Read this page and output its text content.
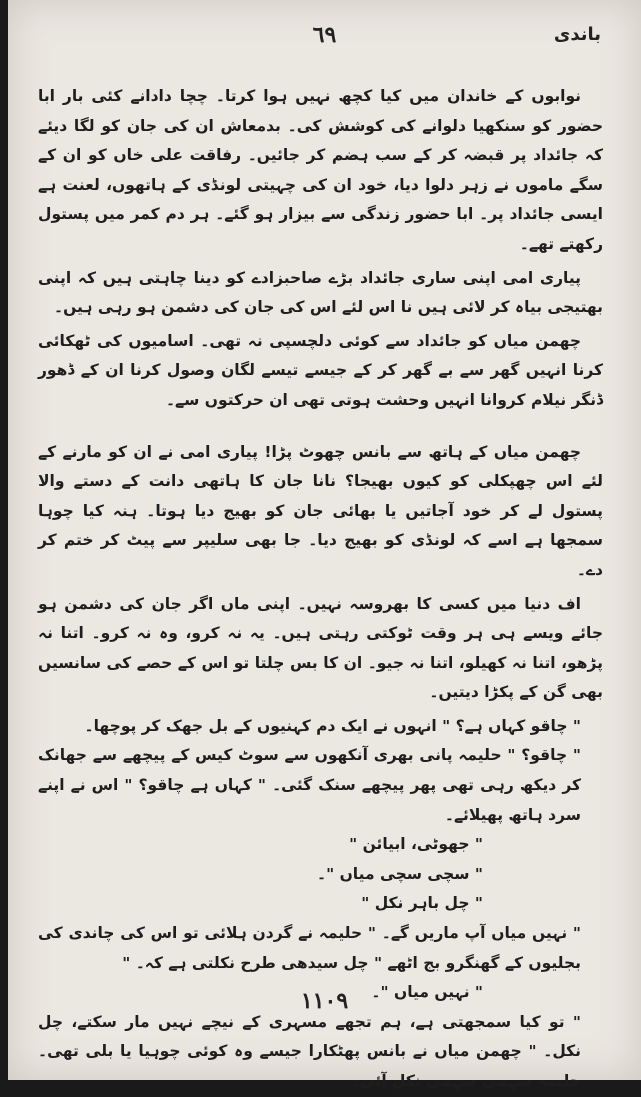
٦٩	باندی

نوابوں کے خاندان میں کیا کچھ نہیں ہوا کرتا۔ چچا دادانے کئی بار ابا حضور کو سنکھیا دلوانے کی کوشش کی۔ بدمعاش ان کی جان کو لگا دیئے کہ جائداد پر قبضہ کر کے سب ہضم کر جائیں۔ رفاقت علی خاں کو ان کے سگے ماموں نے زہر دلوا دیا، خود ان کی چہیتی لونڈی کے ہاتھوں، لعنت ہے ایسی جائداد پر۔ ابا حضور زندگی سے بیزار ہو گئے۔ ہر دم کمر میں پستول رکھتے تھے۔

پیاری امی اپنی ساری جائداد بڑے صاحبزادے کو دینا چاہتی ہیں کہ اپنی بھتیجی بیاہ کر لائی ہیں نا اس لئے اس کی جان کی دشمن ہو رہی ہیں۔

چھمن میاں کو جائداد سے کوئی دلچسپی نہ تھی۔ اسامیوں کی ٹھکائی کرنا انہیں گھر سے بے گھر کر کے جیسے تیسے لگان وصول کرنا ان کے ڈھور ڈنگر نیلام کروانا انہیں وحشت ہوتی تھی ان حرکتوں سے۔

چھمن میاں کے ہاتھ سے بانس چھوٹ پڑا! پیاری امی نے ان کو مارنے کے لئے اس چھپکلی کو کیوں بھیجا؟ نانا جان کا ہاتھی دانت کے دستے والا پستول لے کر خود آجاتیں یا بھائی جان کو بھیج دیا ہوتا۔ ہنہ کیا چوہا سمجھا ہے اسے کہ لونڈی کو بھیج دیا۔ جا بھی سلیپر سے پیٹ کر ختم کر دے۔

اف دنیا میں کسی کا بھروسہ نہیں۔ اپنی ماں اگر جان کی دشمن ہو جائے ویسے ہی ہر وقت ٹوکتی رہتی ہیں۔ یہ نہ کرو، وہ نہ کرو۔ اتنا نہ پڑھو، اتنا نہ کھیلو، اتنا نہ جیو۔ ان کا بس چلتا تو اس کے حصے کی سانسیں بھی گن کے پکڑا دیتیں۔

" چاقو کہاں ہے؟ " انہوں نے ایک دم کہنیوں کے بل جھک کر پوچھا۔

" چاقو؟ " حلیمہ پانی بھری آنکھوں سے سوٹ کیس کے پیچھے سے جھانک کر دیکھ رہی تھی پھر پیچھے سنک گئی۔ " کہاں ہے چاقو؟ " اس نے اپنے سرد ہاتھ پھیلائے۔

" جھوٹی، ابیائن "

" سچی سچی میاں "۔

" چل باہر نکل "

" نہیں میاں آپ ماریں گے۔ " حلیمہ نے گردن ہلائی تو اس کی چاندی کی بجلیوں کے گھنگرو بج اٹھے " چل سیدھی طرح نکلتی ہے کہ۔ "

" نہیں میاں "۔

" تو کیا سمجھتی ہے، ہم تجھے مسہری کے نیچے نہیں مار سکتے، چل نکل۔ " چھمن میاں نے بانس پھٹکارا جیسے وہ کوئی چوہیا یا بلی تھی۔ حلیمہ سہمی سہمی نکل آئی۔

۱۱۰۹
